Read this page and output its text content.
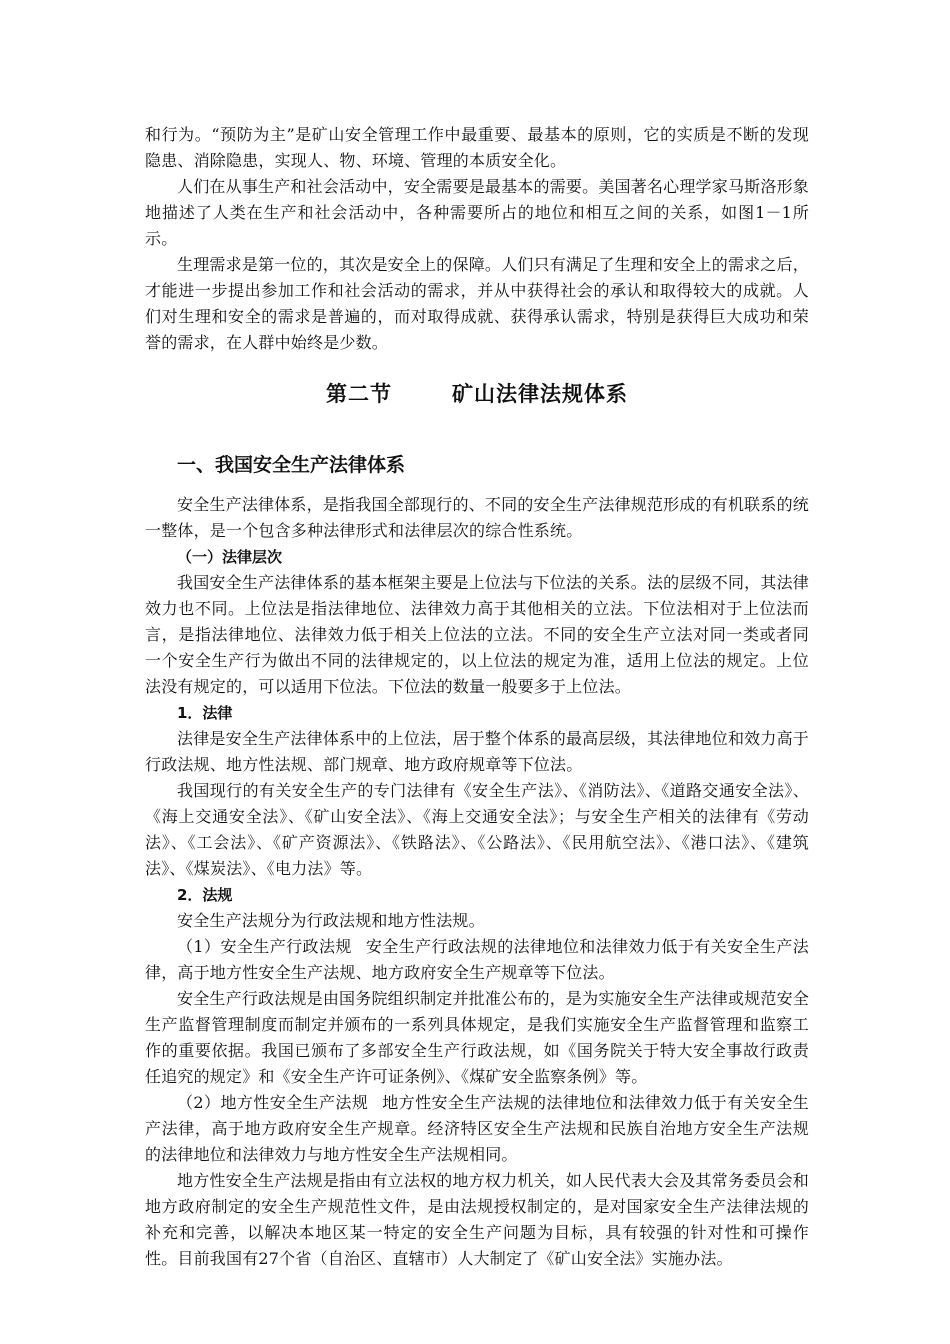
和行为。“预防为主”是矿山安全管理工作中最重要、最基本的原则，它的实质是不断的发现隐患、消除隐患，实现人、物、环境、管理的本质安全化。

人们在从事生产和社会活动中，安全需要是最基本的需要。美国著名心理学家马斯洛形象地描述了人类在生产和社会活动中，各种需要所占的地位和相互之间的关系，如图1－1所示。

生理需求是第一位的，其次是安全上的保障。人们只有满足了生理和安全上的需求之后，才能进一步提出参加工作和社会活动的需求，并从中获得社会的承认和取得较大的成就。人们对生理和安全的需求是普遍的，而对取得成就、获得承认需求，特别是获得巨大成功和荣誉的需求，在人群中始终是少数。

第二节	矿山法律法规体系
一、我国安全生产法律体系

安全生产法律体系，是指我国全部现行的、不同的安全生产法律规范形成的有机联系的统一整体，是一个包含多种法律形式和法律层次的综合性系统。

（一）法律层次

我国安全生产法律体系的基本框架主要是上位法与下位法的关系。法的层级不同，其法律效力也不同。上位法是指法律地位、法律效力高于其他相关的立法。下位法相对于上位法而言，是指法律地位、法律效力低于相关上位法的立法。不同的安全生产立法对同一类或者同一个安全生产行为做出不同的法律规定的，以上位法的规定为准，适用上位法的规定。上位法没有规定的，可以适用下位法。下位法的数量一般要多于上位法。

1．法律

法律是安全生产法律体系中的上位法，居于整个体系的最高层级，其法律地位和效力高于行政法规、地方性法规、部门规章、地方政府规章等下位法。

我国现行的有关安全生产的专门法律有《安全生产法》、《消防法》、《道路交通安全法》、《海上交通安全法》、《矿山安全法》、《海上交通安全法》；与安全生产相关的法律有《劳动法》、《工会法》、《矿产资源法》、《铁路法》、《公路法》、《民用航空法》、《港口法》、《建筑法》、《煤炭法》、《电力法》等。

2．法规

安全生产法规分为行政法规和地方性法规。

（1）安全生产行政法规 安全生产行政法规的法律地位和法律效力低于有关安全生产法律，高于地方性安全生产法规、地方政府安全生产规章等下位法。

安全生产行政法规是由国务院组织制定并批准公布的，是为实施安全生产法律或规范安全生产监督管理制度而制定并颁布的一系列具体规定，是我们实施安全生产监督管理和监察工作的重要依据。我国已颁布了多部安全生产行政法规，如《国务院关于特大安全事故行政责任追究的规定》和《安全生产许可证条例》、《煤矿安全监察条例》等。

（2）地方性安全生产法规 地方性安全生产法规的法律地位和法律效力低于有关安全生产法律，高于地方政府安全生产规章。经济特区安全生产法规和民族自治地方安全生产法规的法律地位和法律效力与地方性安全生产法规相同。

地方性安全生产法规是指由有立法权的地方权力机关，如人民代表大会及其常务委员会和地方政府制定的安全生产规范性文件，是由法规授权制定的，是对国家安全生产法律法规的补充和完善，以解决本地区某一特定的安全生产问题为目标，具有较强的针对性和可操作性。目前我国有27个省（自治区、直辖市）人大制定了《矿山安全法》实施办法。
